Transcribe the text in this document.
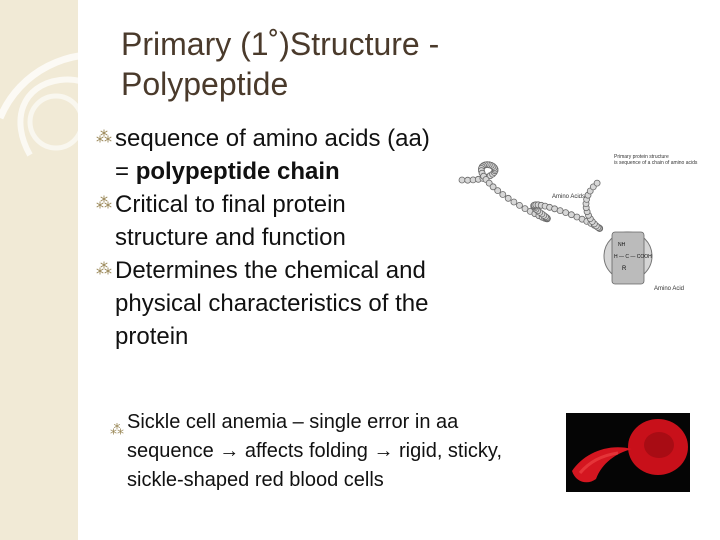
Primary (1˚)Structure -
Polypeptide
⁂ sequence of amino acids (aa) = polypeptide chain
⁂ Critical to final protein structure and function
⁂ Determines the chemical and physical characteristics of the protein
⁂ Sickle cell anemia – single error in aa sequence → affects folding → rigid, sticky, sickle-shaped red blood cells
Primary protein structure
is sequence of a chain of amino acids
Amino Acids
NH
H — C — COOH
R
Amino Acid
